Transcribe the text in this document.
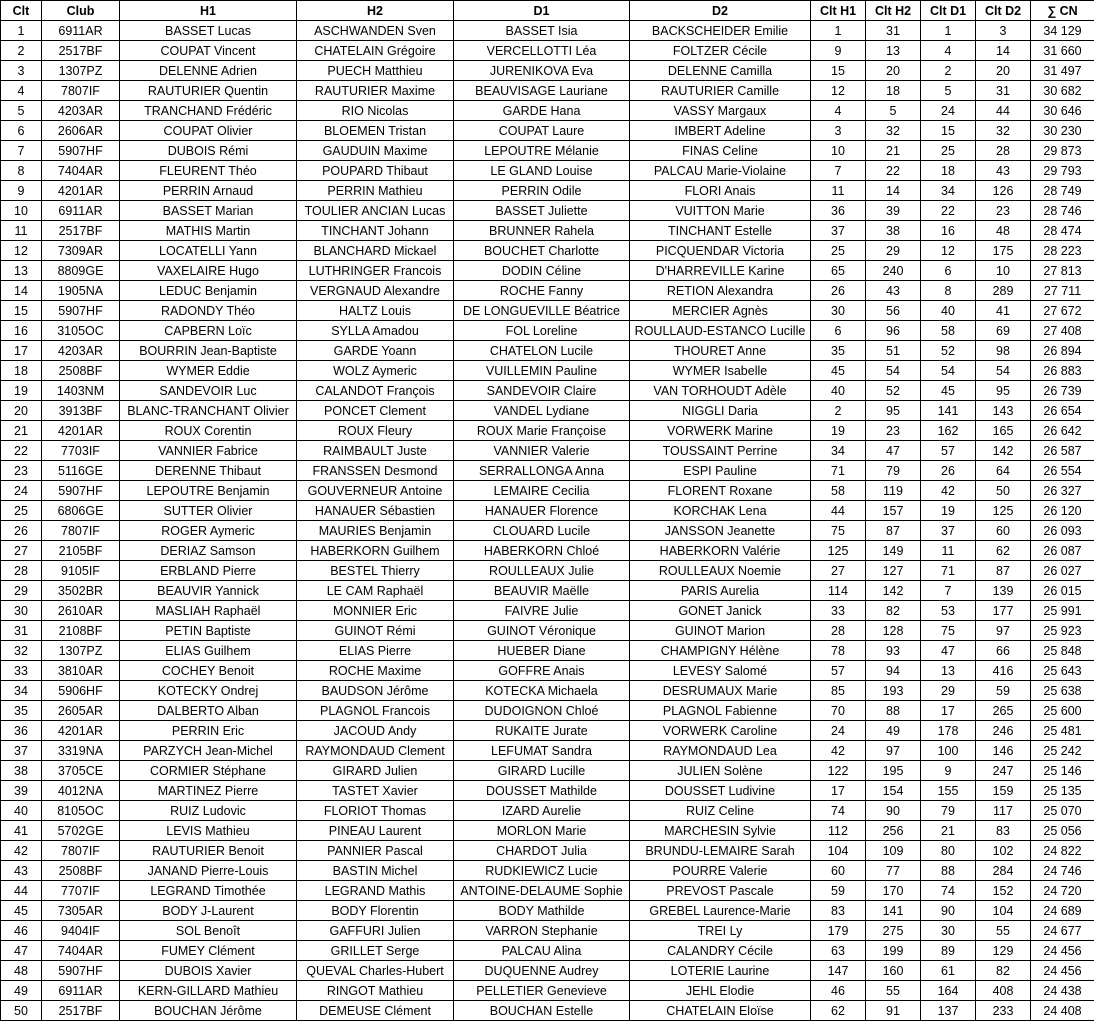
Clt	Club	H1	H2	D1	D2	Clt H1	Clt H2	Clt D1	Clt D2	∑ CN
1	6911AR	BASSET Lucas	ASCHWANDEN Sven	BASSET Isia	BACKSCHEIDER Emilie	1	31	1	3	34 129
2	2517BF	COUPAT Vincent	CHATELAIN Grégoire	VERCELLOTTI Léa	FOLTZER Cécile	9	13	4	14	31 660
3	1307PZ	DELENNE Adrien	PUECH Matthieu	JURENIKOVA Eva	DELENNE Camilla	15	20	2	20	31 497
4	7807IF	RAUTURIER Quentin	RAUTURIER Maxime	BEAUVISAGE Lauriane	RAUTURIER Camille	12	18	5	31	30 682
5	4203AR	TRANCHAND Frédéric	RIO Nicolas	GARDE Hana	VASSY Margaux	4	5	24	44	30 646
6	2606AR	COUPAT Olivier	BLOEMEN Tristan	COUPAT Laure	IMBERT Adeline	3	32	15	32	30 230
7	5907HF	DUBOIS Rémi	GAUDUIN Maxime	LEPOUTRE Mélanie	FINAS Celine	10	21	25	28	29 873
8	7404AR	FLEURENT Théo	POUPARD Thibaut	LE GLAND Louise	PALCAU Marie-Violaine	7	22	18	43	29 793
9	4201AR	PERRIN Arnaud	PERRIN Mathieu	PERRIN Odile	FLORI Anais	11	14	34	126	28 749
10	6911AR	BASSET Marian	TOULIER ANCIAN Lucas	BASSET Juliette	VUITTON Marie	36	39	22	23	28 746
11	2517BF	MATHIS Martin	TINCHANT Johann	BRUNNER Rahela	TINCHANT Estelle	37	38	16	48	28 474
12	7309AR	LOCATELLI Yann	BLANCHARD Mickael	BOUCHET Charlotte	PICQUENDAR Victoria	25	29	12	175	28 223
13	8809GE	VAXELAIRE Hugo	LUTHRINGER Francois	DODIN Céline	D'HARREVILLE Karine	65	240	6	10	27 813
14	1905NA	LEDUC Benjamin	VERGNAUD Alexandre	ROCHE Fanny	RETION Alexandra	26	43	8	289	27 711
15	5907HF	RADONDY Théo	HALTZ Louis	DE LONGUEVILLE Béatrice	MERCIER Agnès	30	56	40	41	27 672
16	3105OC	CAPBERN Loïc	SYLLA Amadou	FOL Loreline	ROULLAUD-ESTANCO Lucille	6	96	58	69	27 408
17	4203AR	BOURRIN Jean-Baptiste	GARDE Yoann	CHATELON Lucile	THOURET Anne	35	51	52	98	26 894
18	2508BF	WYMER Eddie	WOLZ Aymeric	VUILLEMIN Pauline	WYMER Isabelle	45	54	54	54	26 883
19	1403NM	SANDEVOIR Luc	CALANDOT François	SANDEVOIR Claire	VAN TORHOUDT Adèle	40	52	45	95	26 739
20	3913BF	BLANC-TRANCHANT Olivier	PONCET Clement	VANDEL Lydiane	NIGGLI Daria	2	95	141	143	26 654
21	4201AR	ROUX Corentin	ROUX Fleury	ROUX Marie Françoise	VORWERK Marine	19	23	162	165	26 642
22	7703IF	VANNIER Fabrice	RAIMBAULT Juste	VANNIER Valerie	TOUSSAINT Perrine	34	47	57	142	26 587
23	5116GE	DERENNE Thibaut	FRANSSEN Desmond	SERRALLONGA Anna	ESPI Pauline	71	79	26	64	26 554
24	5907HF	LEPOUTRE Benjamin	GOUVERNEUR Antoine	LEMAIRE Cecilia	FLORENT Roxane	58	119	42	50	26 327
25	6806GE	SUTTER Olivier	HANAUER Sébastien	HANAUER Florence	KORCHAK Lena	44	157	19	125	26 120
26	7807IF	ROGER Aymeric	MAURIES Benjamin	CLOUARD Lucile	JANSSON Jeanette	75	87	37	60	26 093
27	2105BF	DERIAZ Samson	HABERKORN Guilhem	HABERKORN Chloé	HABERKORN Valérie	125	149	11	62	26 087
28	9105IF	ERBLAND Pierre	BESTEL Thierry	ROULLEAUX Julie	ROULLEAUX Noemie	27	127	71	87	26 027
29	3502BR	BEAUVIR Yannick	LE CAM Raphaël	BEAUVIR Maëlle	PARIS Aurelia	114	142	7	139	26 015
30	2610AR	MASLIAH Raphaël	MONNIER Eric	FAIVRE Julie	GONET Janick	33	82	53	177	25 991
31	2108BF	PETIN Baptiste	GUINOT Rémi	GUINOT Véronique	GUINOT Marion	28	128	75	97	25 923
32	1307PZ	ELIAS Guilhem	ELIAS Pierre	HUEBER Diane	CHAMPIGNY Hélène	78	93	47	66	25 848
33	3810AR	COCHEY Benoit	ROCHE Maxime	GOFFRE Anais	LEVESY Salomé	57	94	13	416	25 643
34	5906HF	KOTECKY Ondrej	BAUDSON Jérôme	KOTECKA Michaela	DESRUMAUX Marie	85	193	29	59	25 638
35	2605AR	DALBERTO Alban	PLAGNOL Francois	DUDOIGNON Chloé	PLAGNOL Fabienne	70	88	17	265	25 600
36	4201AR	PERRIN Eric	JACOUD Andy	RUKAITE Jurate	VORWERK Caroline	24	49	178	246	25 481
37	3319NA	PARZYCH Jean-Michel	RAYMONDAUD Clement	LEFUMAT Sandra	RAYMONDAUD Lea	42	97	100	146	25 242
38	3705CE	CORMIER Stéphane	GIRARD Julien	GIRARD Lucille	JULIEN Solène	122	195	9	247	25 146
39	4012NA	MARTINEZ Pierre	TASTET Xavier	DOUSSET Mathilde	DOUSSET Ludivine	17	154	155	159	25 135
40	8105OC	RUIZ Ludovic	FLORIOT Thomas	IZARD Aurelie	RUIZ Celine	74	90	79	117	25 070
41	5702GE	LEVIS Mathieu	PINEAU Laurent	MORLON Marie	MARCHESIN Sylvie	112	256	21	83	25 056
42	7807IF	RAUTURIER Benoit	PANNIER Pascal	CHARDOT Julia	BRUNDU-LEMAIRE Sarah	104	109	80	102	24 822
43	2508BF	JANAND Pierre-Louis	BASTIN Michel	RUDKIEWICZ Lucie	POURRE Valerie	60	77	88	284	24 746
44	7707IF	LEGRAND Timothée	LEGRAND Mathis	ANTOINE-DELAUME Sophie	PREVOST Pascale	59	170	74	152	24 720
45	7305AR	BODY J-Laurent	BODY Florentin	BODY Mathilde	GREBEL Laurence-Marie	83	141	90	104	24 689
46	9404IF	SOL Benoît	GAFFURI Julien	VARRON Stephanie	TREI Ly	179	275	30	55	24 677
47	7404AR	FUMEY Clément	GRILLET Serge	PALCAU Alina	CALANDRY Cécile	63	199	89	129	24 456
48	5907HF	DUBOIS Xavier	QUEVAL Charles-Hubert	DUQUENNE Audrey	LOTERIE Laurine	147	160	61	82	24 456
49	6911AR	KERN-GILLARD Mathieu	RINGOT Mathieu	PELLETIER Genevieve	JEHL Elodie	46	55	164	408	24 438
50	2517BF	BOUCHAN Jérôme	DEMEUSE Clément	BOUCHAN Estelle	CHATELAIN Eloïse	62	91	137	233	24 408
